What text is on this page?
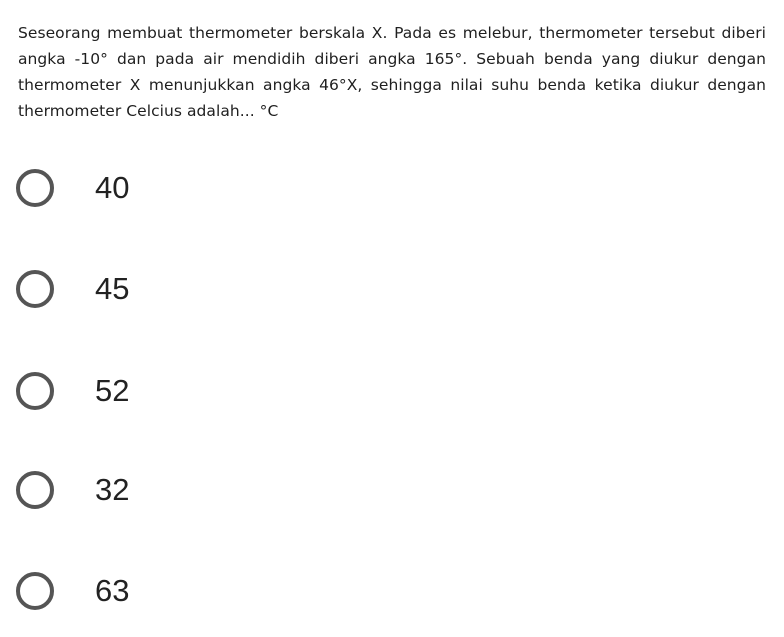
Seseorang membuat thermometer berskala X. Pada es melebur, thermometer tersebut diberi angka -10° dan pada air mendidih diberi angka 165°. Sebuah benda yang diukur dengan thermometer X menunjukkan angka 46°X, sehingga nilai suhu benda ketika diukur dengan thermometer Celcius adalah... °C
40
45
52
32
63
